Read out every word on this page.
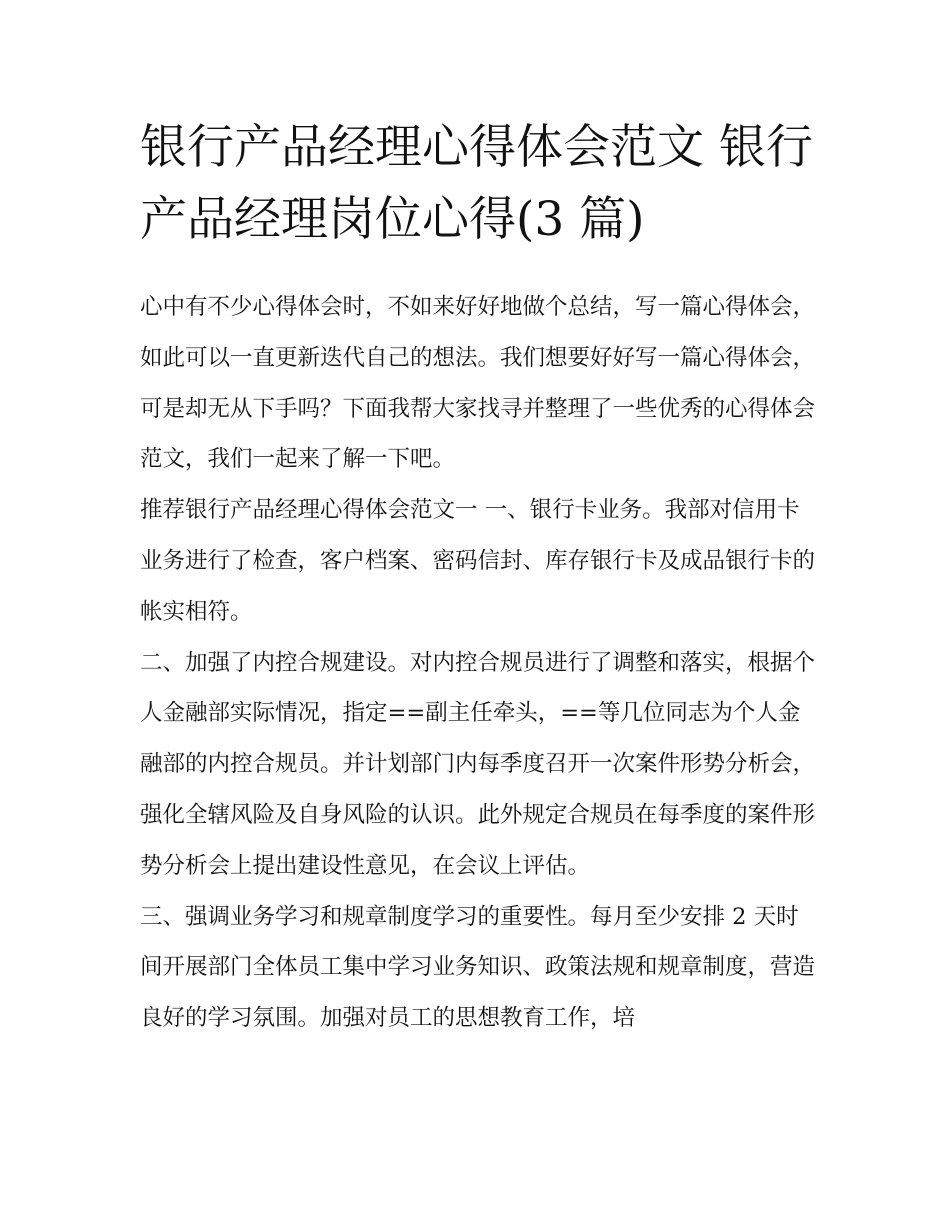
银行产品经理心得体会范文 银行产品经理岗位心得(3 篇)

心中有不少心得体会时，不如来好好地做个总结，写一篇心得体会，如此可以一直更新迭代自己的想法。我们想要好好写一篇心得体会，可是却无从下手吗？下面我帮大家找寻并整理了一些优秀的心得体会范文，我们一起来了解一下吧。

推荐银行产品经理心得体会范文一 一、银行卡业务。我部对信用卡业务进行了检查，客户档案、密码信封、库存银行卡及成品银行卡的帐实相符。

二、加强了内控合规建设。对内控合规员进行了调整和落实，根据个人金融部实际情况，指定==副主任牵头，==等几位同志为个人金融部的内控合规员。并计划部门内每季度召开一次案件形势分析会，强化全辖风险及自身风险的认识。此外规定合规员在每季度的案件形势分析会上提出建设性意见，在会议上评估。

三、强调业务学习和规章制度学习的重要性。每月至少安排 2 天时间开展部门全体员工集中学习业务知识、政策法规和规章制度，营造良好的学习氛围。加强对员工的思想教育工作，培
